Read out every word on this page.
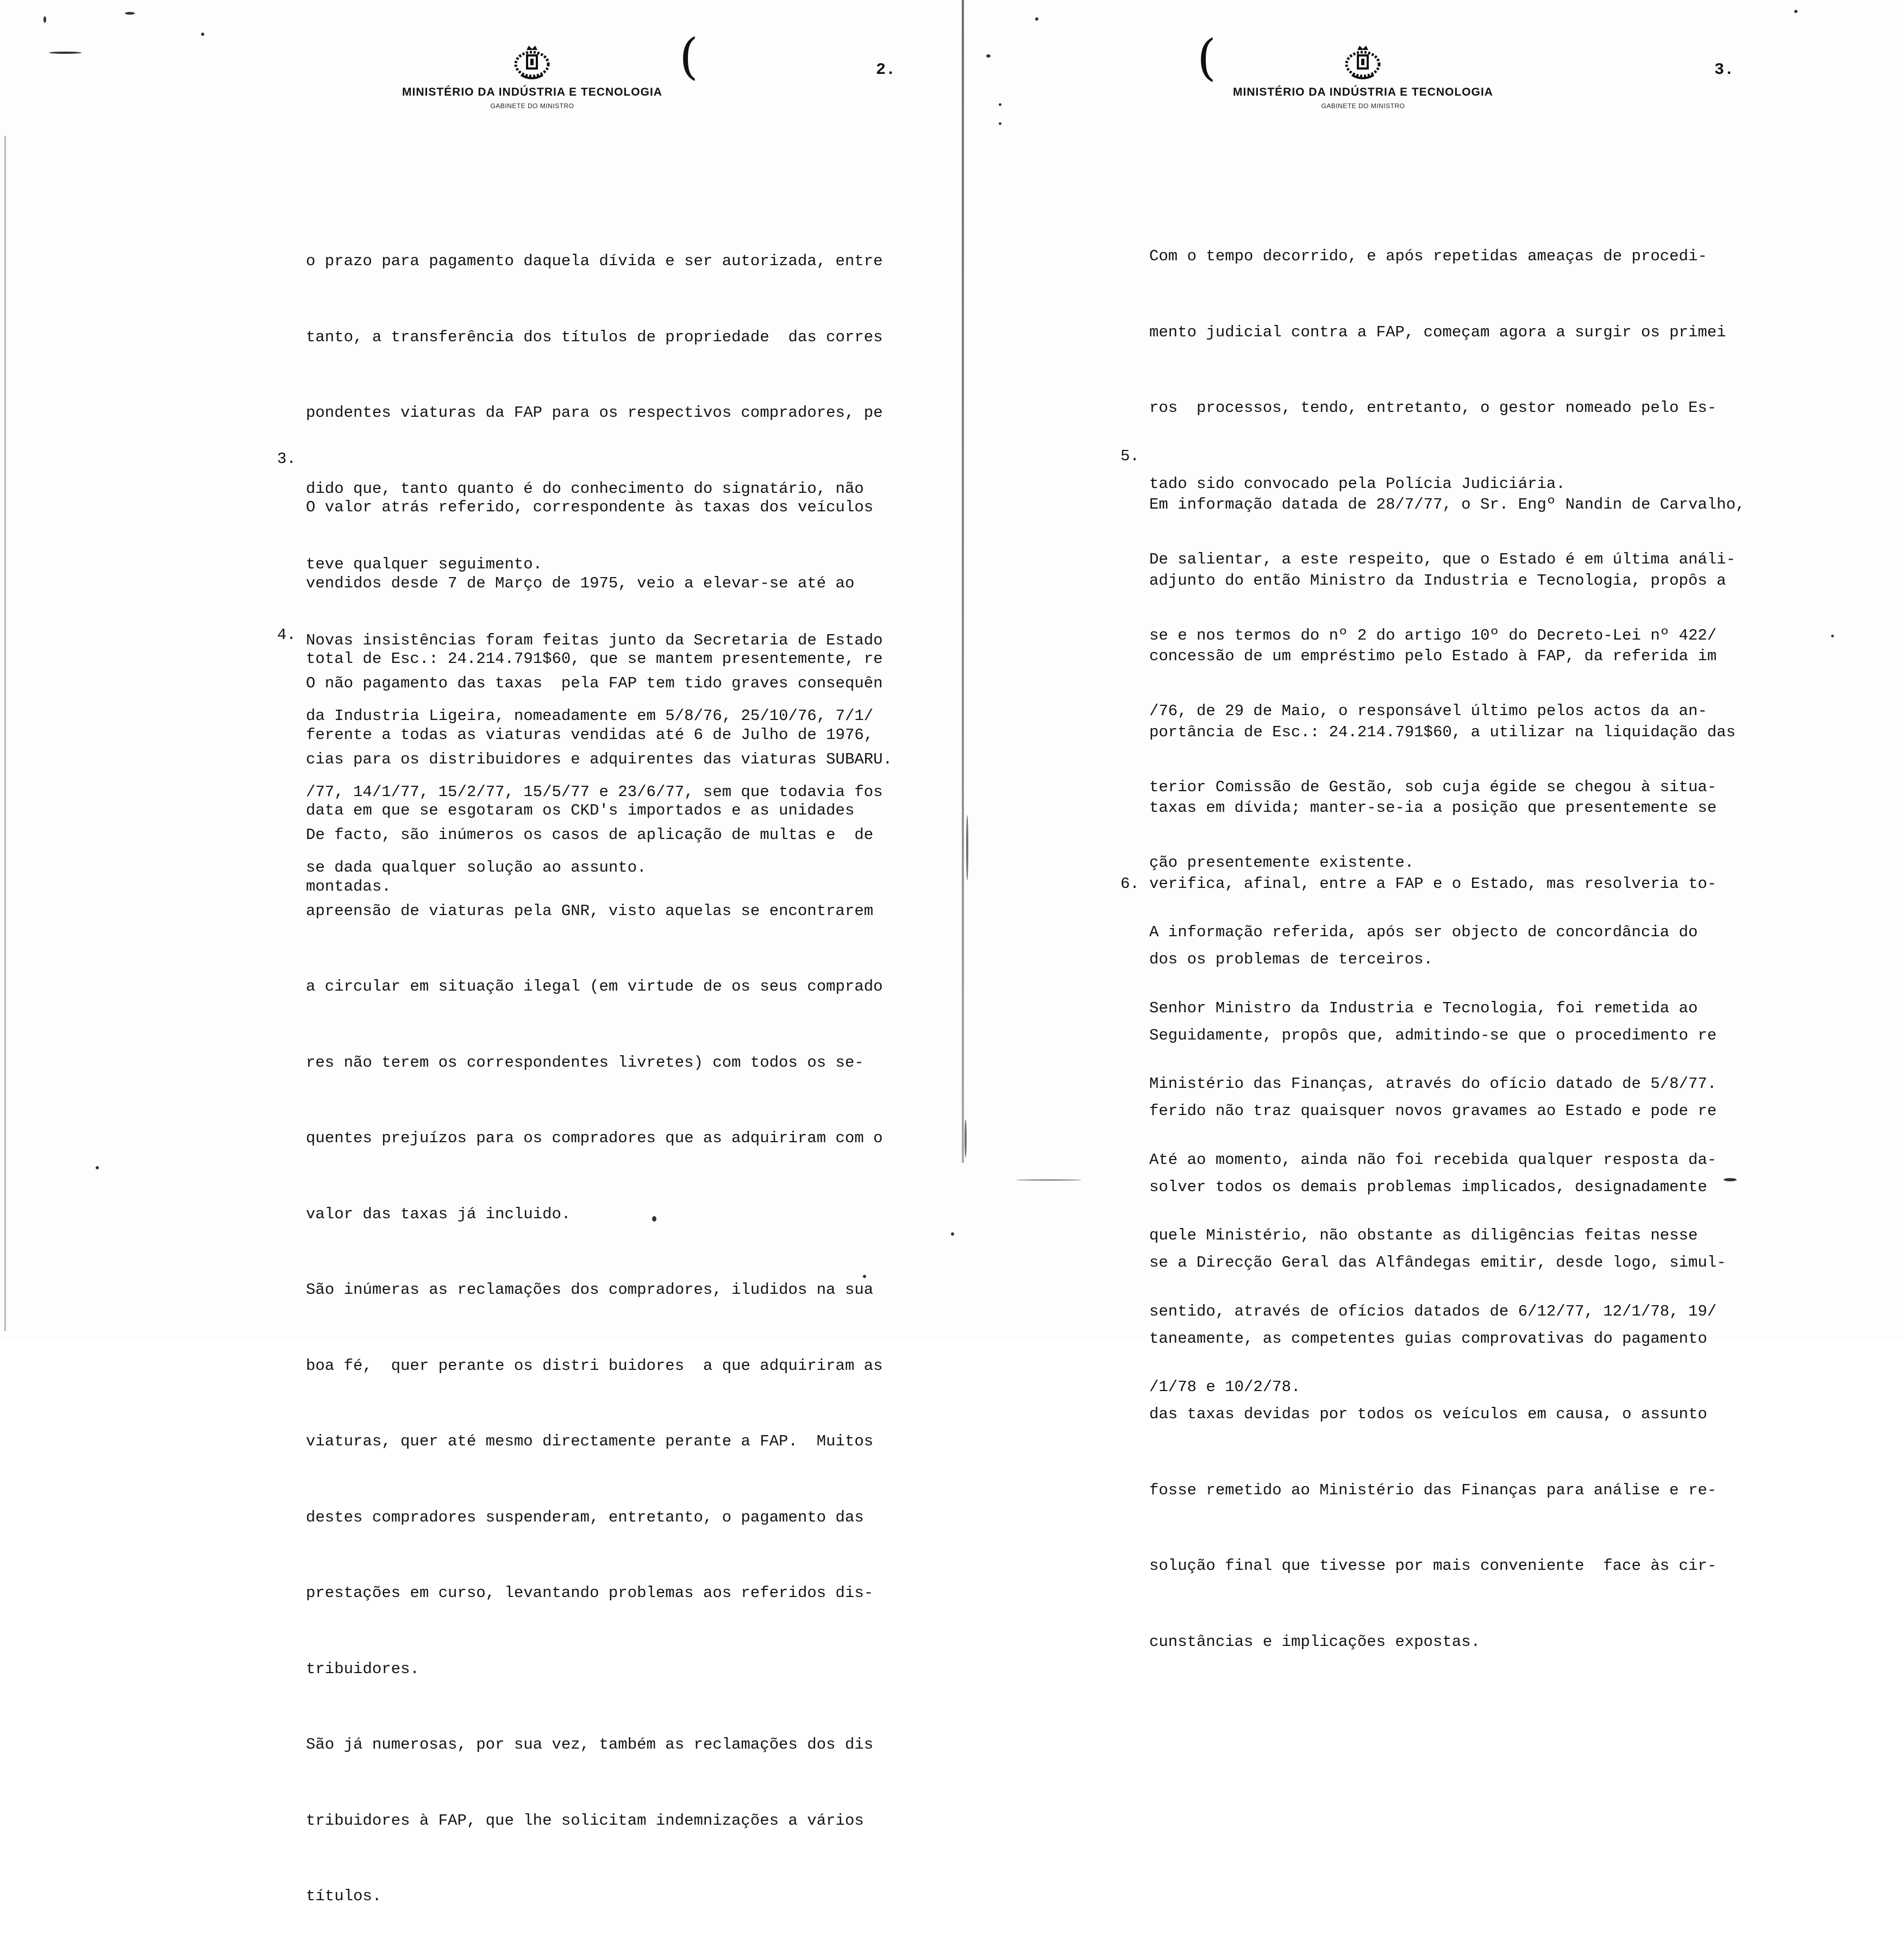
MINISTÉRIO DA INDÚSTRIA E TECNOLOGIA
GABINETE DO MINISTRO
(	2.

o prazo para pagamento daquela dívida e ser autorizada, entre

tanto, a transferência dos títulos de propriedade  das corres

pondentes viaturas da FAP para os respectivos compradores, pe

dido que, tanto quanto é do conhecimento do signatário, não

teve qualquer seguimento.

Novas insistências foram feitas junto da Secretaria de Estado

da Industria Ligeira, nomeadamente em 5/8/76, 25/10/76, 7/1/

/77, 14/1/77, 15/2/77, 15/5/77 e 23/6/77, sem que todavia fos

se dada qualquer solução ao assunto.

3.

O valor atrás referido, correspondente às taxas dos veículos

vendidos desde 7 de Março de 1975, veio a elevar-se até ao

total de Esc.: 24.214.791$60, que se mantem presentemente, re

ferente a todas as viaturas vendidas até 6 de Julho de 1976,

data em que se esgotaram os CKD's importados e as unidades

montadas.

4.

O não pagamento das taxas  pela FAP tem tido graves consequên

cias para os distribuidores e adquirentes das viaturas SUBARU.

De facto, são inúmeros os casos de aplicação de multas e  de

apreensão de viaturas pela GNR, visto aquelas se encontrarem

a circular em situação ilegal (em virtude de os seus comprado

res não terem os correspondentes livretes) com todos os se-

quentes prejuízos para os compradores que as adquiriram com o

valor das taxas já incluido.

São inúmeras as reclamações dos compradores, iludidos na sua

boa fé,  quer perante os distri buidores  a que adquiriram as

viaturas, quer até mesmo directamente perante a FAP.  Muitos

destes compradores suspenderam, entretanto, o pagamento das

prestações em curso, levantando problemas aos referidos dis-

tribuidores.

São já numerosas, por sua vez, também as reclamações dos dis

tribuidores à FAP, que lhe solicitam indemnizações a vários

títulos.

(
MINISTÉRIO DA INDÚSTRIA E TECNOLOGIA
GABINETE DO MINISTRO
3.

Com o tempo decorrido, e após repetidas ameaças de procedi-

mento judicial contra a FAP, começam agora a surgir os primei

ros  processos, tendo, entretanto, o gestor nomeado pelo Es-

tado sido convocado pela Polícia Judiciária.

De salientar, a este respeito, que o Estado é em última análi-

se e nos termos do nº 2 do artigo 10º do Decreto-Lei nº 422/

/76, de 29 de Maio, o responsável último pelos actos da an-

terior Comissão de Gestão, sob cuja égide se chegou à situa-

ção presentemente existente.

5.

Em informação datada de 28/7/77, o Sr. Engº Nandin de Carvalho,

adjunto do então Ministro da Industria e Tecnologia, propôs a

concessão de um empréstimo pelo Estado à FAP, da referida im

portância de Esc.: 24.214.791$60, a utilizar na liquidação das

taxas em dívida; manter-se-ia a posição que presentemente se

verifica, afinal, entre a FAP e o Estado, mas resolveria to-

dos os problemas de terceiros.

Seguidamente, propôs que, admitindo-se que o procedimento re

ferido não traz quaisquer novos gravames ao Estado e pode re

solver todos os demais problemas implicados, designadamente

se a Direcção Geral das Alfândegas emitir, desde logo, simul-

taneamente, as competentes guias comprovativas do pagamento

das taxas devidas por todos os veículos em causa, o assunto

fosse remetido ao Ministério das Finanças para análise e re-

solução final que tivesse por mais conveniente  face às cir-

cunstâncias e implicações expostas.

6.

A informação referida, após ser objecto de concordância do

Senhor Ministro da Industria e Tecnologia, foi remetida ao

Ministério das Finanças, através do ofício datado de 5/8/77.

Até ao momento, ainda não foi recebida qualquer resposta da-

quele Ministério, não obstante as diligências feitas nesse

sentido, através de ofícios datados de 6/12/77, 12/1/78, 19/

/1/78 e 10/2/78.
